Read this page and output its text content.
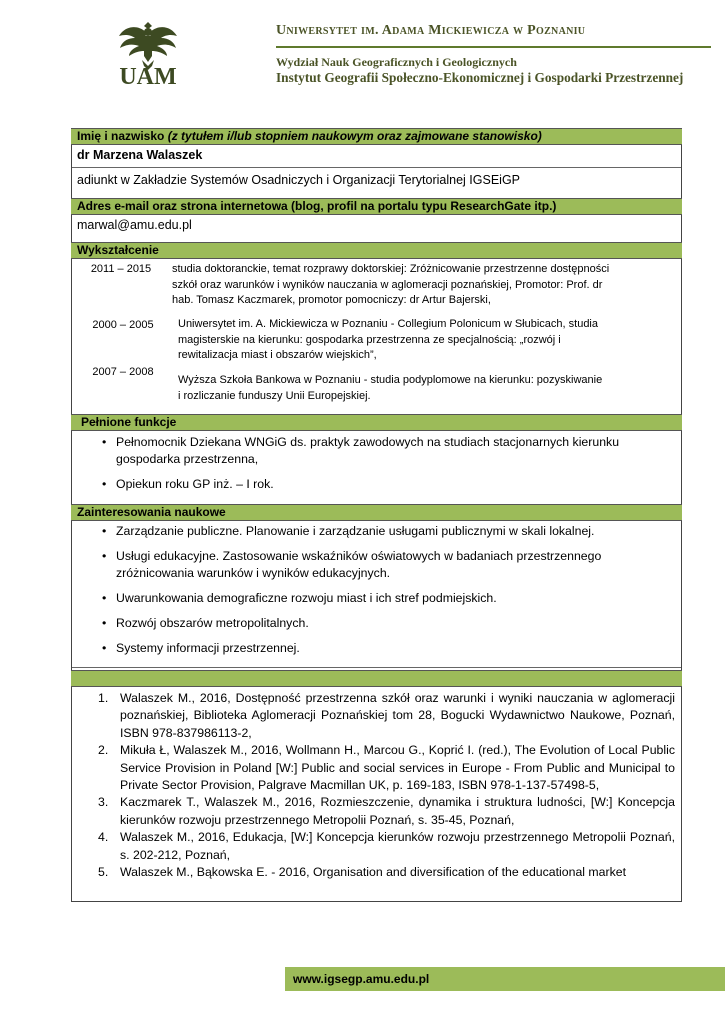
UAM
Uniwersytet im. Adama Mickiewicza w Poznaniu
Wydział Nauk Geograficznych i Geologicznych
Instytut Geografii Społeczno-Ekonomicznej i Gospodarki Przestrzennej
Imię i nazwisko (z tytułem i/lub stopniem naukowym oraz zajmowane stanowisko)
dr Marzena Walaszek
adiunkt w Zakładzie Systemów Osadniczych i Organizacji Terytorialnej IGSEiGP
Adres e-mail oraz strona internetowa (blog, profil na portalu typu ResearchGate itp.)
marwal@amu.edu.pl
Wykształcenie
2011 – 2015	studia doktoranckie, temat rozprawy doktorskiej: Zróżnicowanie przestrzenne dostępności
szkół oraz warunków i wyników nauczania w aglomeracji poznańskiej, Promotor: Prof. dr
hab. Tomasz Kaczmarek, promotor pomocniczy: dr Artur Bajerski,
2000 – 2005	Uniwersytet im. A. Mickiewicza w Poznaniu - Collegium Polonicum w Słubicach, studia
magisterskie na kierunku: gospodarka przestrzenna ze specjalnością: „rozwój i
rewitalizacja miast i obszarów wiejskich”,
2007 – 2008
Wyższa Szkoła Bankowa w Poznaniu - studia podyplomowe na kierunku: pozyskiwanie
i rozliczanie funduszy Unii Europejskiej.
Pełnione funkcje
• Pełnomocnik Dziekana WNGiG ds. praktyk zawodowych na studiach stacjonarnych kierunku
gospodarka przestrzenna,
• Opiekun roku GP inż. – I rok.
Zainteresowania naukowe
• Zarządzanie publiczne. Planowanie i zarządzanie usługami publicznymi w skali lokalnej.
• Usługi edukacyjne. Zastosowanie wskaźników oświatowych w badaniach przestrzennego
zróżnicowania warunków i wyników edukacyjnych.
• Uwarunkowania demograficzne rozwoju miast i ich stref podmiejskich.
• Rozwój obszarów metropolitalnych.
• Systemy informacji przestrzennej.
1. Walaszek M., 2016, Dostępność przestrzenna szkół oraz warunki i wyniki nauczania w aglomeracji poznańskiej, Biblioteka Aglomeracji Poznańskiej tom 28, Bogucki Wydawnictwo Naukowe, Poznań, ISBN 978-837986113-2,
2. Mikuła Ł, Walaszek M., 2016, Wollmann H., Marcou G., Koprić I. (red.), The Evolution of Local Public Service Provision in Poland [W:] Public and social services in Europe - From Public and Municipal to Private Sector Provision, Palgrave Macmillan UK, p. 169-183, ISBN 978-1-137-57498-5,
3. Kaczmarek T., Walaszek M., 2016, Rozmieszczenie, dynamika i struktura ludności, [W:] Koncepcja kierunków rozwoju przestrzennego Metropolii Poznań, s. 35-45, Poznań,
4. Walaszek M., 2016, Edukacja, [W:] Koncepcja kierunków rozwoju przestrzennego Metropolii Poznań, s. 202-212, Poznań,
5. Walaszek M., Bąkowska E. - 2016, Organisation and diversification of the educational market
www.igsegp.amu.edu.pl
